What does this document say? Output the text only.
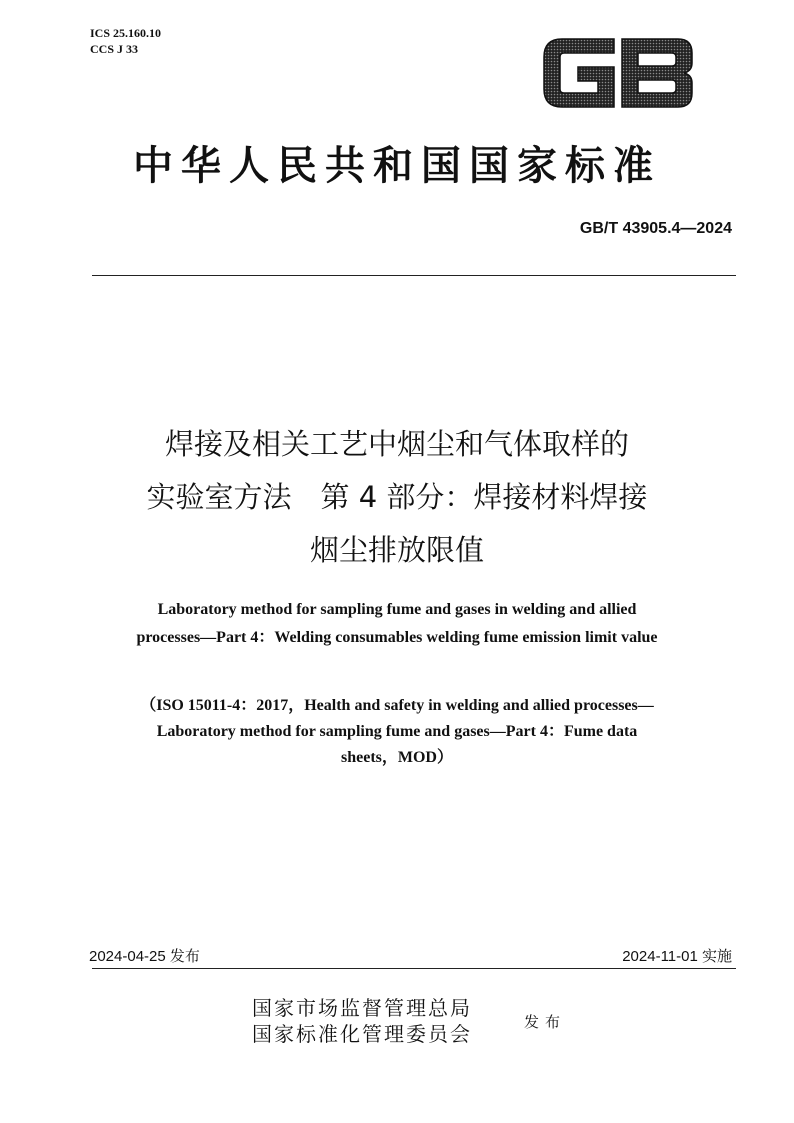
ICS 25.160.10
CCS J 33
中华人民共和国国家标准
GB/T 43905.4—2024
焊接及相关工艺中烟尘和气体取样的
实验室方法　第 4 部分：焊接材料焊接
烟尘排放限值
Laboratory method for sampling fume and gases in welding and allied
processes—Part 4：Welding consumables welding fume emission limit value
（ISO 15011-4：2017，Health and safety in welding and allied processes—
Laboratory method for sampling fume and gases—Part 4：Fume data
sheets，MOD）
2024-04-25 发布	2024-11-01 实施
国家市场监督管理总局
国家标准化管理委员会	发布
